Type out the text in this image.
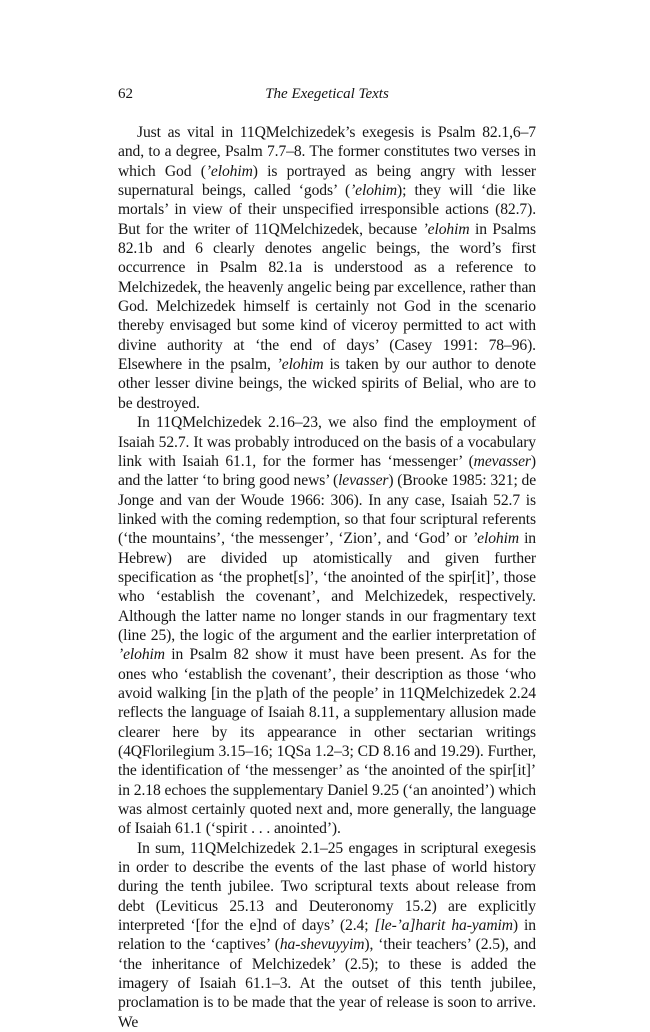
62	The Exegetical Texts

Just as vital in 11QMelchizedek’s exegesis is Psalm 82.1,6–7 and, to a degree, Psalm 7.7–8. The former constitutes two verses in which God (’elohim) is portrayed as being angry with lesser supernatural beings, called ‘gods’ (’elohim); they will ‘die like mortals’ in view of their unspecified irresponsible actions (82.7). But for the writer of 11QMelchizedek, because ’elohim in Psalms 82.1b and 6 clearly denotes angelic beings, the word’s first occurrence in Psalm 82.1a is understood as a reference to Melchizedek, the heavenly angelic being par excellence, rather than God. Melchizedek himself is certainly not God in the scenario thereby envisaged but some kind of viceroy permitted to act with divine authority at ‘the end of days’ (Casey 1991: 78–96). Elsewhere in the psalm, ’elohim is taken by our author to denote other lesser divine beings, the wicked spirits of Belial, who are to be destroyed.

In 11QMelchizedek 2.16–23, we also find the employment of Isaiah 52.7. It was probably introduced on the basis of a vocabulary link with Isaiah 61.1, for the former has ‘messenger’ (mevasser) and the latter ‘to bring good news’ (levasser) (Brooke 1985: 321; de Jonge and van der Woude 1966: 306). In any case, Isaiah 52.7 is linked with the coming redemption, so that four scriptural referents (‘the mountains’, ‘the messenger’, ‘Zion’, and ‘God’ or ’elohim in Hebrew) are divided up atomistically and given further specification as ‘the prophet[s]’, ‘the anointed of the spir[it]’, those who ‘establish the covenant’, and Melchizedek, respectively. Although the latter name no longer stands in our fragmentary text (line 25), the logic of the argument and the earlier interpretation of ’elohim in Psalm 82 show it must have been present. As for the ones who ‘establish the covenant’, their description as those ‘who avoid walking [in the p]ath of the people’ in 11QMelchizedek 2.24 reflects the language of Isaiah 8.11, a supplementary allusion made clearer here by its appearance in other sectarian writings (4QFlorilegium 3.15–16; 1QSa 1.2–3; CD 8.16 and 19.29). Further, the identification of ‘the messenger’ as ‘the anointed of the spir[it]’ in 2.18 echoes the supplementary Daniel 9.25 (‘an anointed’) which was almost certainly quoted next and, more generally, the language of Isaiah 61.1 (‘spirit . . . anointed’).

In sum, 11QMelchizedek 2.1–25 engages in scriptural exegesis in order to describe the events of the last phase of world history during the tenth jubilee. Two scriptural texts about release from debt (Leviticus 25.13 and Deuteronomy 15.2) are explicitly interpreted ‘[for the e]nd of days’ (2.4; [le-’a]harit ha-yamim) in relation to the ‘captives’ (ha-shevuyyim), ‘their teachers’ (2.5), and ‘the inheritance of Melchizedek’ (2.5); to these is added the imagery of Isaiah 61.1–3. At the outset of this tenth jubilee, proclamation is to be made that the year of release is soon to arrive. We
